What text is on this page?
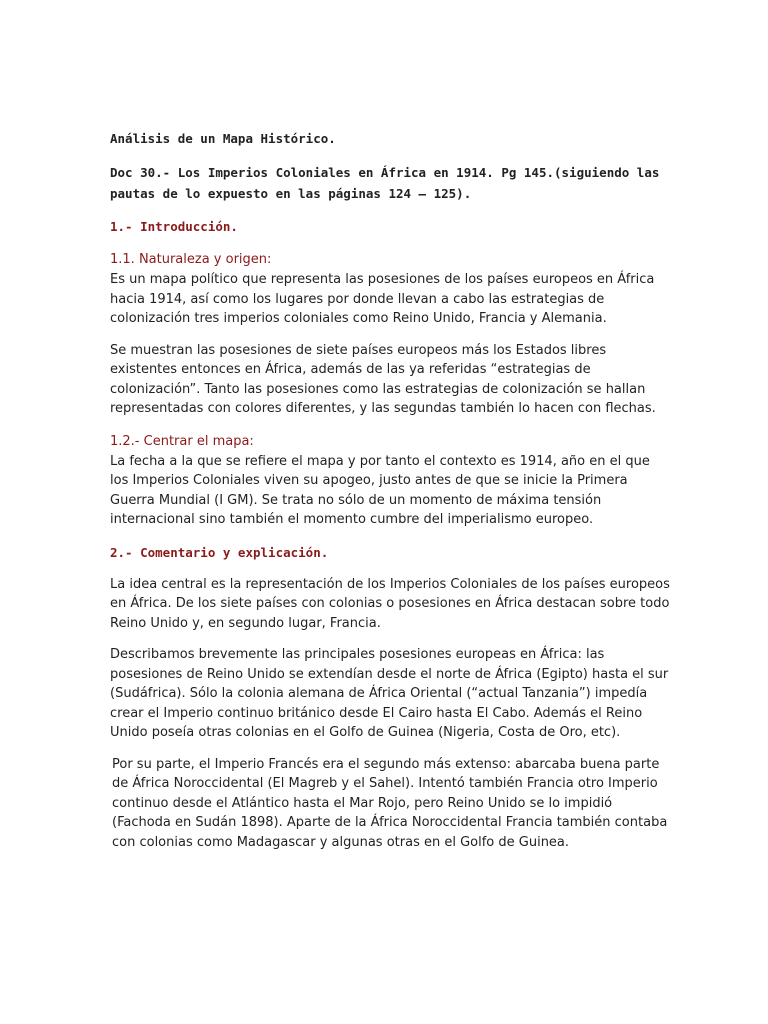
Análisis de un Mapa Histórico.

Doc 30.- Los Imperios Coloniales en África en 1914. Pg 145.(siguiendo las pautas de lo expuesto en las páginas 124 – 125).

1.- Introducción.

1.1. Naturaleza y origen:

Es un mapa político que representa las posesiones de los países europeos en África hacia 1914, así como los lugares por donde llevan a cabo las estrategias de colonización tres imperios coloniales como Reino Unido, Francia y Alemania.

Se muestran las posesiones de siete países europeos más los Estados libres existentes entonces en África, además de las ya referidas “estrategias de colonización”. Tanto las posesiones como las estrategias de colonización se hallan representadas con colores diferentes, y las segundas también lo hacen con flechas.

1.2.- Centrar el mapa:

La fecha a la que se refiere el mapa y por tanto el contexto es 1914, año en el que los Imperios Coloniales viven su apogeo, justo antes de que se inicie la Primera Guerra Mundial (I GM). Se trata no sólo de un momento de máxima tensión internacional sino también el momento cumbre del imperialismo europeo.

2.- Comentario y explicación.

La idea central es la representación de los Imperios Coloniales de los países europeos en África. De los siete países con colonias o posesiones en África destacan sobre todo Reino Unido y, en segundo lugar, Francia.

Describamos brevemente las principales posesiones europeas en África: las posesiones de Reino Unido se extendían desde el norte de África (Egipto) hasta el sur (Sudáfrica). Sólo la colonia alemana de África Oriental (“actual Tanzania”) impedía crear el Imperio continuo británico desde El Cairo hasta El Cabo. Además el Reino Unido poseía otras colonias en el Golfo de Guinea (Nigeria, Costa de Oro, etc).

Por su parte, el Imperio Francés era el segundo más extenso: abarcaba buena parte de África Noroccidental (El Magreb y el Sahel). Intentó también Francia otro Imperio continuo desde el Atlántico hasta el Mar Rojo, pero Reino Unido se lo impidió (Fachoda en Sudán 1898). Aparte de la África Noroccidental Francia también contaba con colonias como Madagascar y algunas otras en el Golfo de Guinea.
